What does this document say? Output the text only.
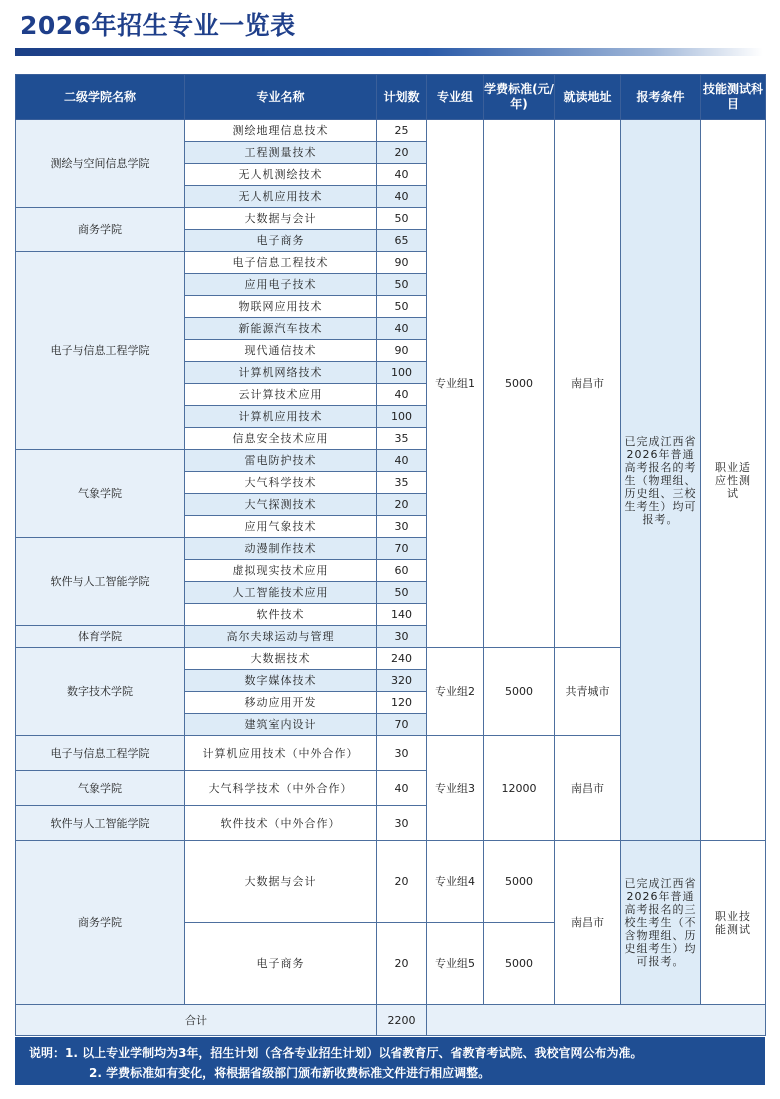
2026年招生专业一览表
二级学院名称	专业名称	计划数	专业组	学费标准(元/年)	就读地址	报考条件	技能测试科目
测绘与空间信息学院	测绘地理信息技术	25	专业组1	5000	南昌市	已完成江西省2026年普通高考报名的考生（物理组、历史组、三校生考生）均可报考。	职业适应性测试

	工程测量技术	20					
	无人机测绘技术	40					
	无人机应用技术	40					
商务学院	大数据与会计	50					
	电子商务	65					
电子与信息工程学院	电子信息工程技术	90					
	应用电子技术	50					
	物联网应用技术	50					
	新能源汽车技术	40					
	现代通信技术	90					
	计算机网络技术	100					
	云计算技术应用	40					
	计算机应用技术	100					
	信息安全技术应用	35					
气象学院	雷电防护技术	40					
	大气科学技术	35					
	大气探测技术	20					
	应用气象技术	30					
软件与人工智能学院	动漫制作技术	70					
	虚拟现实技术应用	60					
	人工智能技术应用	50					
	软件技术	140					
体育学院	高尔夫球运动与管理	30					
数字技术学院	大数据技术	240	专业组2	5000	共青城市		
	数字媒体技术	320					
	移动应用开发	120					
	建筑室内设计	70					
电子与信息工程学院	计算机应用技术（中外合作）	30	专业组3	12000	南昌市		
气象学院	大气科学技术（中外合作）	40					
软件与人工智能学院	软件技术（中外合作）	30					
商务学院	大数据与会计	20	专业组4	5000	南昌市	已完成江西省2026年普通高考报名的三校生考生（不含物理组、历史组考生）均可报考。	职业技能测试

	电子商务	20	专业组5	5000			
合计		2200					
说明：1. 以上专业学制均为3年，招生计划（含各专业招生计划）以省教育厅、省教育考试院、我校官网公布为准。
2. 学费标准如有变化，将根据省级部门颁布新收费标准文件进行相应调整。
